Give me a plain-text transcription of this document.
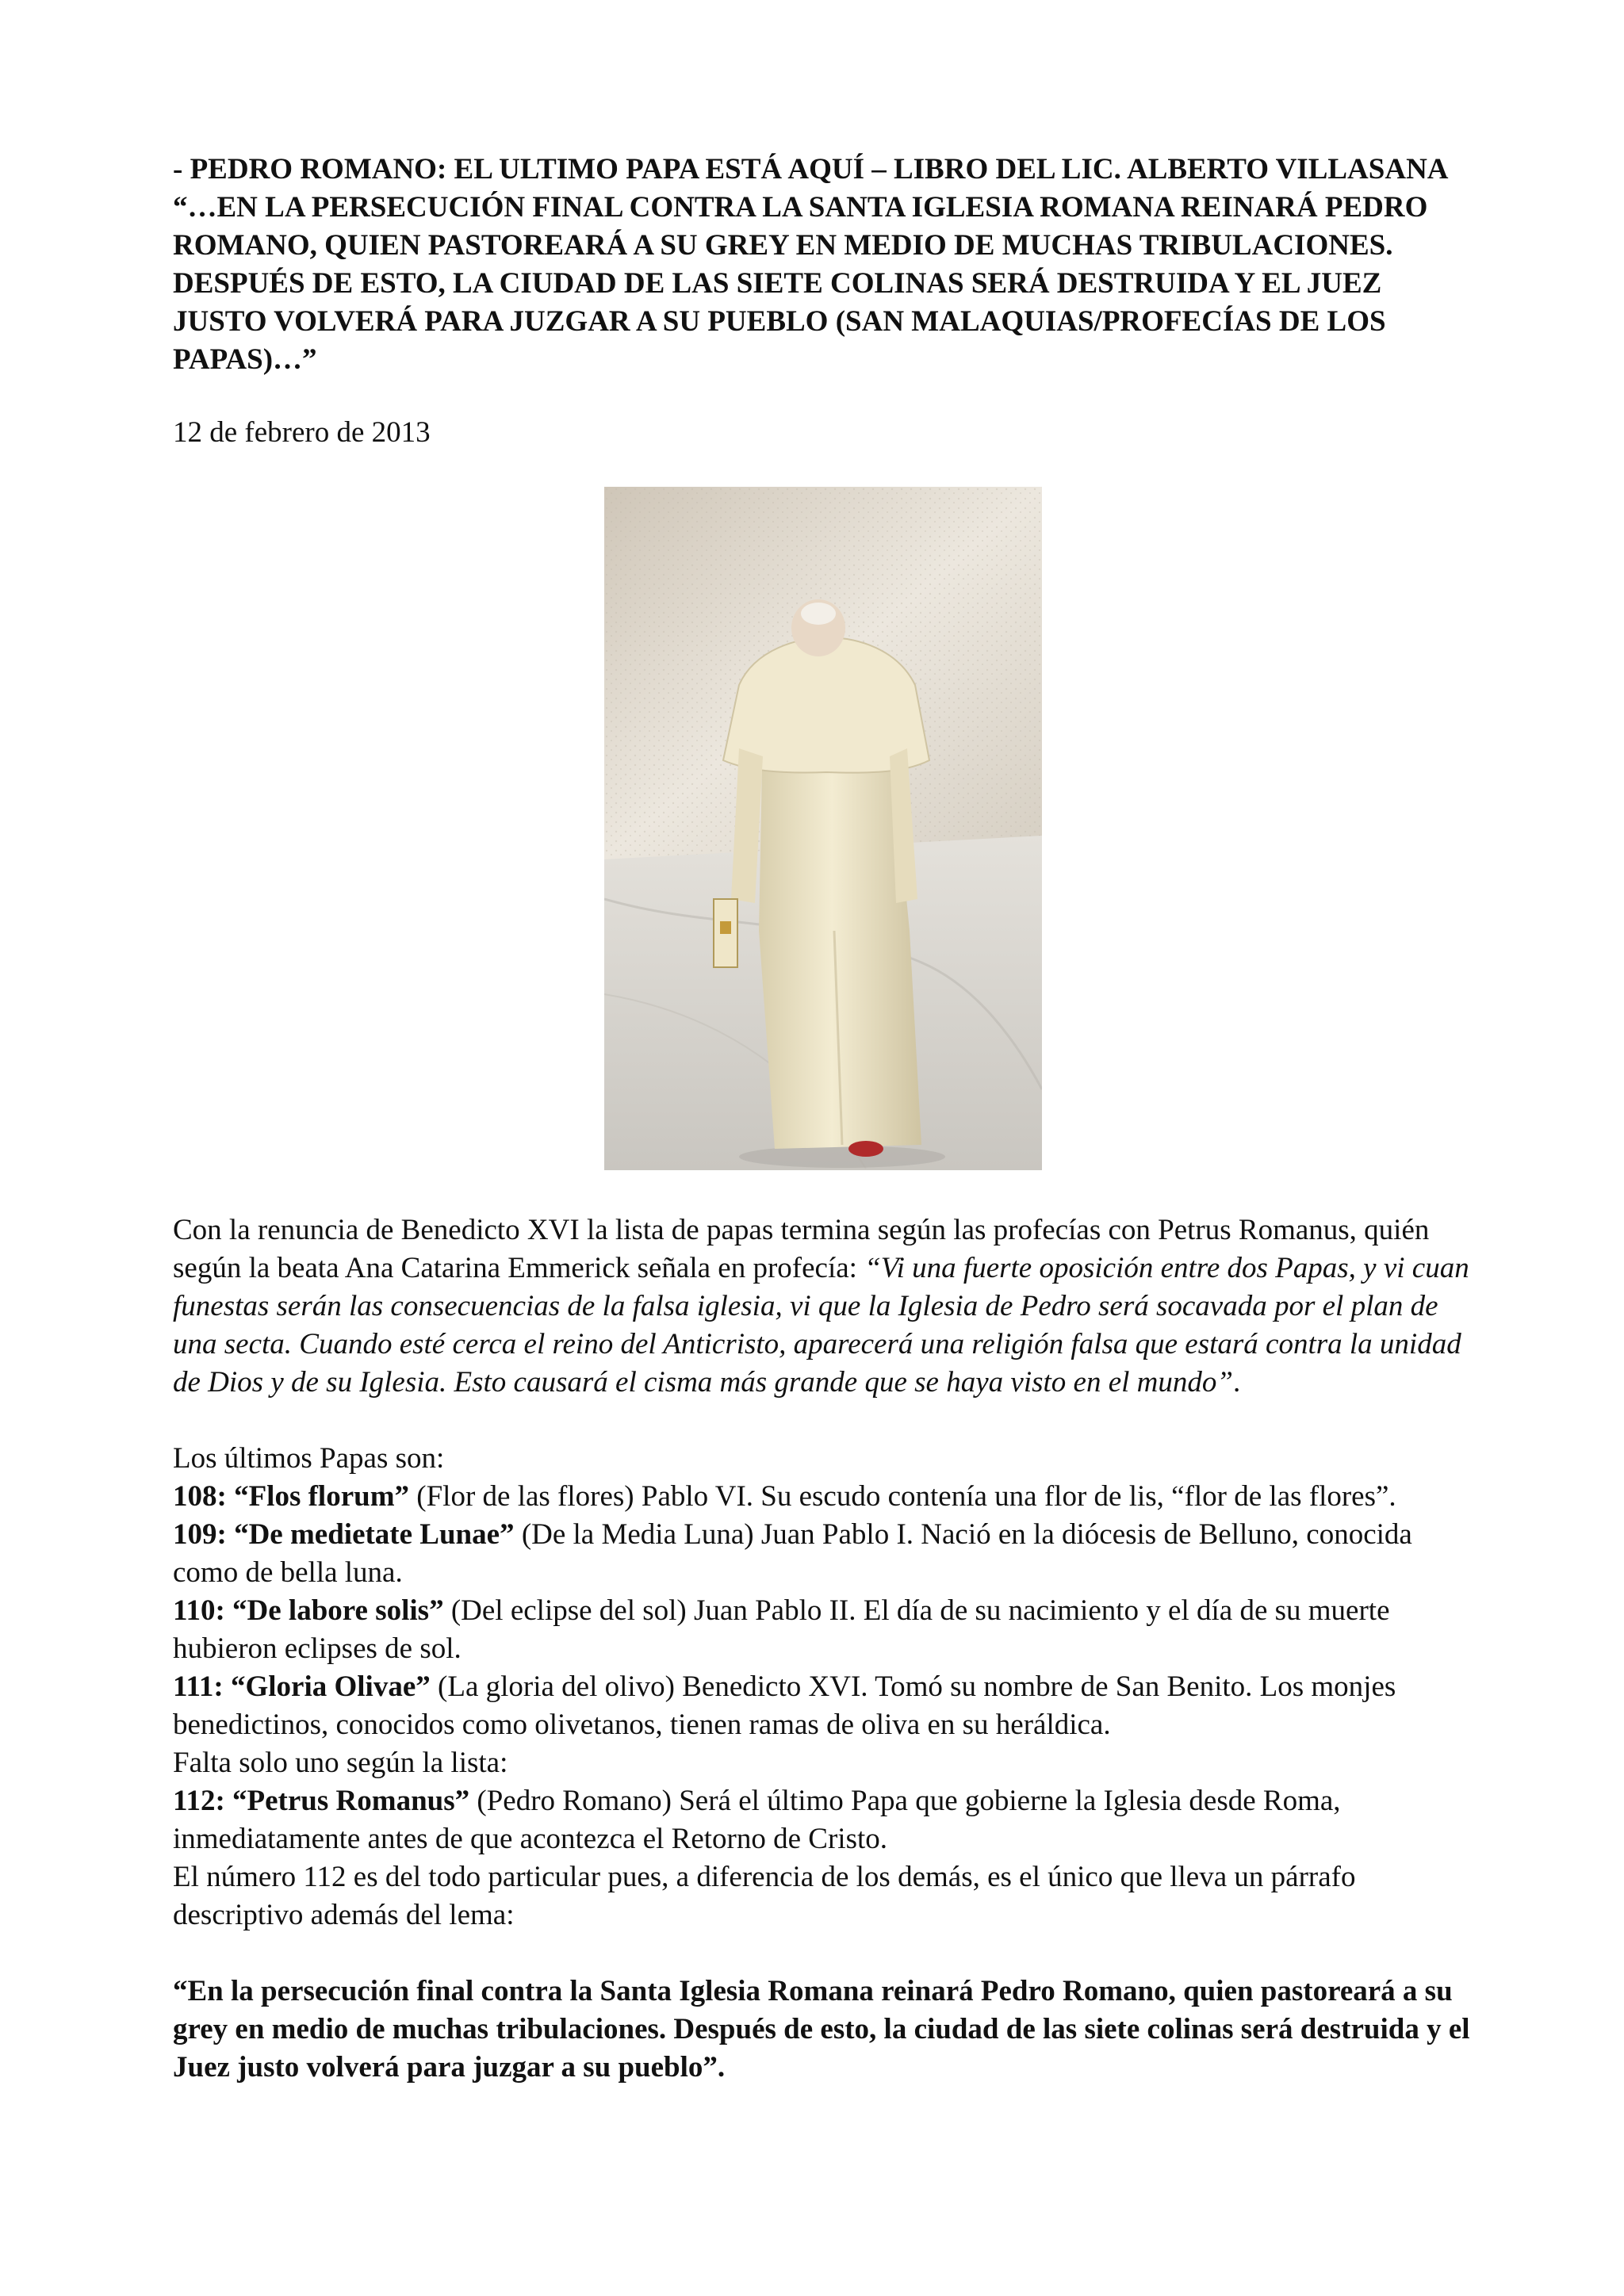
- PEDRO ROMANO: EL ULTIMO PAPA ESTÁ AQUÍ – LIBRO DEL LIC. ALBERTO VILLASANA “…EN LA PERSECUCIÓN FINAL CONTRA LA SANTA IGLESIA ROMANA REINARÁ PEDRO ROMANO, QUIEN PASTOREARÁ A SU GREY EN MEDIO DE MUCHAS TRIBULACIONES. DESPUÉS DE ESTO, LA CIUDAD DE LAS SIETE COLINAS SERÁ DESTRUIDA Y EL JUEZ JUSTO VOLVERÁ PARA JUZGAR A SU PUEBLO (SAN MALAQUIAS/PROFECÍAS DE LOS PAPAS)…”

12 de febrero de 2013

Con la renuncia de Benedicto XVI la lista de papas termina según las profecías con Petrus Romanus, quién según la beata Ana Catarina Emmerick señala en profecía: “Vi una fuerte oposición entre dos Papas, y vi cuan funestas serán las consecuencias de la falsa iglesia, vi que la Iglesia de Pedro será socavada por el plan de una secta. Cuando esté cerca el reino del Anticristo, aparecerá una religión falsa que estará contra la unidad de Dios y de su Iglesia. Esto causará el cisma más grande que se haya visto en el mundo”.

Los últimos Papas son:

108: “Flos florum” (Flor de las flores) Pablo VI. Su escudo contenía una flor de lis, “flor de las flores”.

109: “De medietate Lunae” (De la Media Luna) Juan Pablo I. Nació en la diócesis de Belluno, conocida como de bella luna.

110: “De labore solis” (Del eclipse del sol) Juan Pablo II. El día de su nacimiento y el día de su muerte hubieron eclipses de sol.

111: “Gloria Olivae” (La gloria del olivo) Benedicto XVI. Tomó su nombre de San Benito. Los monjes benedictinos, conocidos como olivetanos, tienen ramas de oliva en su heráldica.

Falta solo uno según la lista:

112: “Petrus Romanus” (Pedro Romano) Será el último Papa que gobierne la Iglesia desde Roma, inmediatamente antes de que acontezca el Retorno de Cristo.

El número 112 es del todo particular pues, a diferencia de los demás, es el único que lleva un párrafo descriptivo además del lema:

“En la persecución final contra la Santa Iglesia Romana reinará Pedro Romano, quien pastoreará a su grey en medio de muchas tribulaciones. Después de esto, la ciudad de las siete colinas será destruida y el Juez justo volverá para juzgar a su pueblo”.
